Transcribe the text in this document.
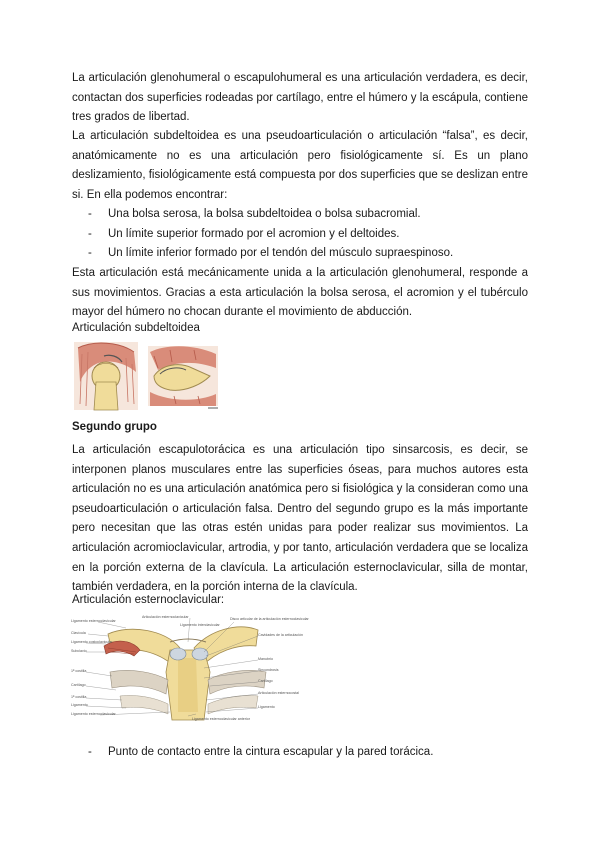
La articulación glenohumeral o escapulohumeral es una articulación verdadera, es decir, contactan dos superficies rodeadas por cartílago, entre el húmero y la escápula, contiene tres grados de libertad.

La articulación subdeltoidea es una pseudoarticulación o articulación “falsa”, es decir, anatómicamente no es una articulación pero fisiológicamente sí. Es un plano deslizamiento, fisiológicamente está compuesta por dos superficies que se deslizan entre si. En ella podemos encontrar:

- Una bolsa serosa, la bolsa subdeltoidea o bolsa subacromial.
- Un límite superior formado por el acromion y el deltoides.
- Un límite inferior formado por el tendón del músculo supraespinoso.

Esta articulación está mecánicamente unida a la articulación glenohumeral, responde a sus movimientos. Gracias a esta articulación la bolsa serosa, el acromion y el tubérculo mayor del húmero no chocan durante el movimiento de abducción.

Articulación subdeltoidea

Segundo grupo

La articulación escapulotorácica es una articulación tipo sinsarcosis, es decir, se interponen planos musculares entre las superficies óseas, para muchos autores esta articulación no es una articulación anatómica pero si fisiológica y la consideran como una pseudoarticulación o articulación falsa. Dentro del segundo grupo es la más importante pero necesitan que las otras estén unidas para poder realizar sus movimientos. La articulación acromioclavicular, artrodia, y por tanto, articulación verdadera que se localiza en la porción externa de la clavícula. La articulación esternoclavicular, silla de montar, también verdadera, en la porción interna de la clavícula.

Articulación esternoclavicular:

Articulación esternoclavicular
Ligamento esternoclavicular
Clavícula
Ligamento costoclavicular
Subclavio
1ª costilla
Cartílago
1ª costilla
Ligamento
Ligamento esternoclavicular
Ligamento interclavicular
Disco articular de la articulación esternoclavicular
Cavidades de la articulación
Manubrio
Sincondrosis
Cartílago
Articulación esternocostal
Ligamento
Ligamento esternoclavicular anterior
- Punto de contacto entre la cintura escapular y la pared torácica.
